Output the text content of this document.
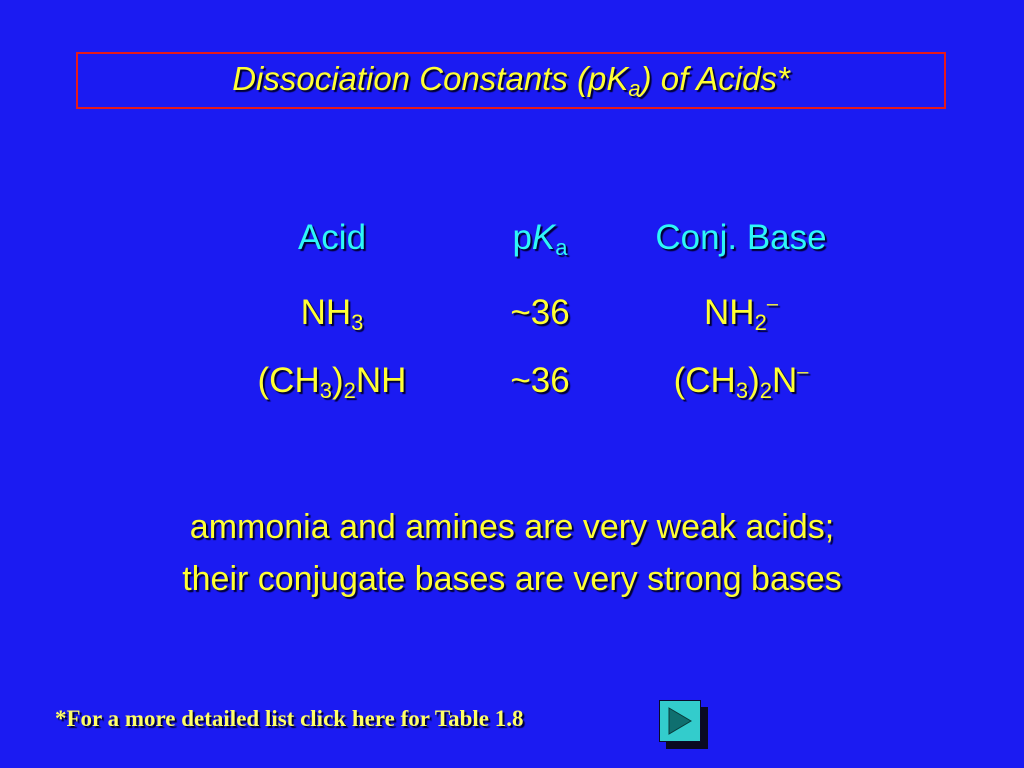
Dissociation Constants $(pK_a)$ of Acids*
Acid	$pK_a$	Conj. Base
$NH_3$	~36	$NH_2^-$
$(CH_3)_2NH$	~36	$(CH_3)_2N^-$
ammonia and amines are very weak acids;
their conjugate bases are very strong bases
*For a more detailed list click here for Table 1.8
